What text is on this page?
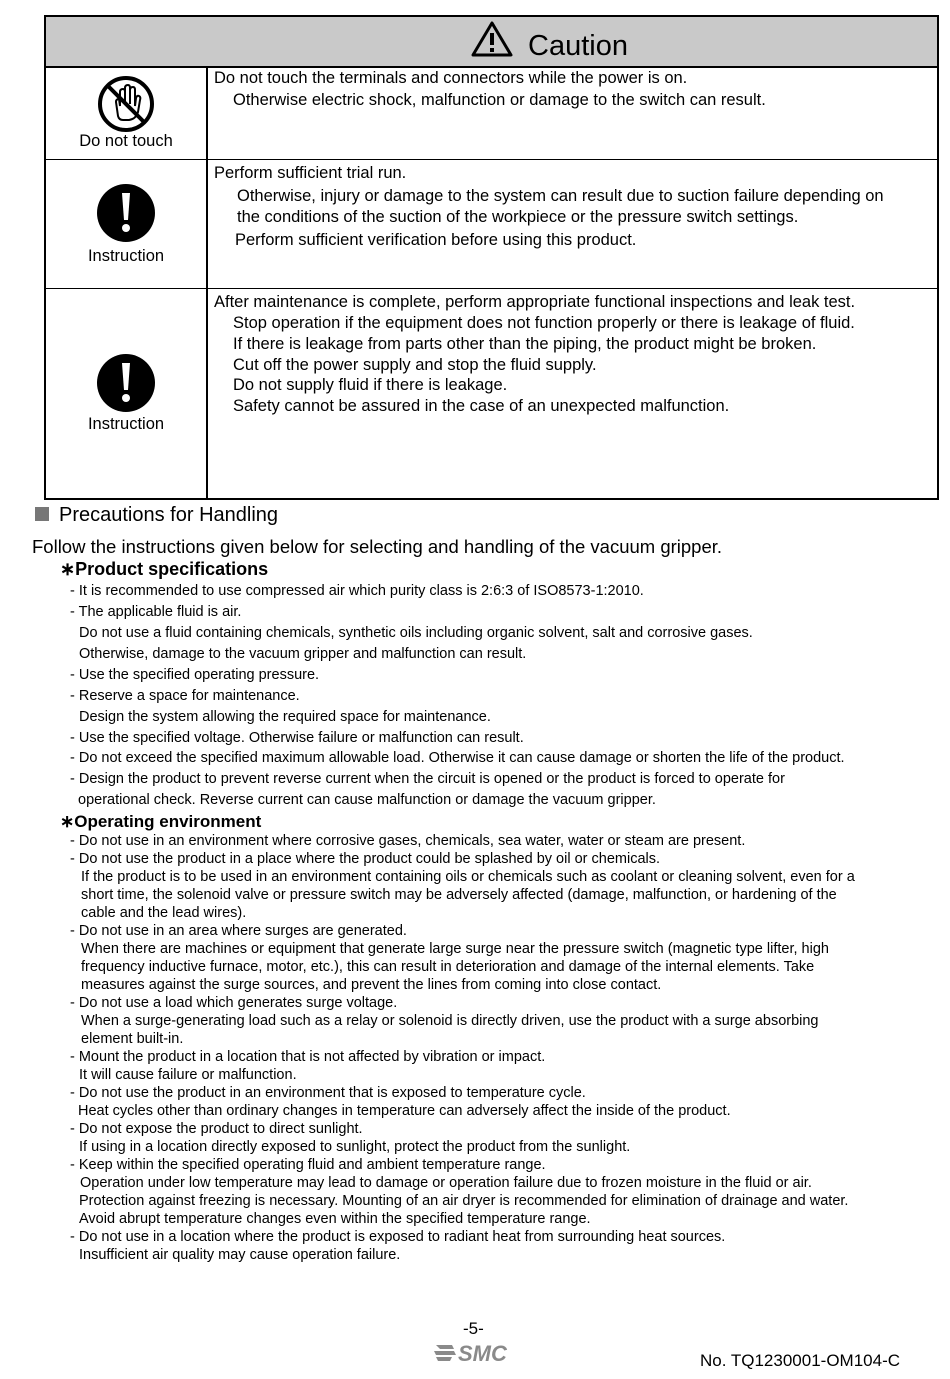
Caution
Do not touch
Do not touch the terminals and connectors while the power is on.
Otherwise electric shock, malfunction or damage to the switch can result.
Instruction
Perform sufficient trial run.
Otherwise, injury or damage to the system can result due to suction failure depending on
the conditions of the suction of the workpiece or the pressure switch settings.
Perform sufficient verification before using this product.
Instruction
After maintenance is complete, perform appropriate functional inspections and leak test.
Stop operation if the equipment does not function properly or there is leakage of fluid.
If there is leakage from parts other than the piping, the product might be broken.
Cut off the power supply and stop the fluid supply.
Do not supply fluid if there is leakage.
Safety cannot be assured in the case of an unexpected malfunction.
Precautions for Handling
Follow the instructions given below for selecting and handling of the vacuum gripper.
∗Product specifications
- It is recommended to use compressed air which purity class is 2:6:3 of ISO8573-1:2010.
- The applicable fluid is air.
Do not use a fluid containing chemicals, synthetic oils including organic solvent, salt and corrosive gases.
Otherwise, damage to the vacuum gripper and malfunction can result.
- Use the specified operating pressure.
- Reserve a space for maintenance.
Design the system allowing the required space for maintenance.
- Use the specified voltage. Otherwise failure or malfunction can result.
- Do not exceed the specified maximum allowable load. Otherwise it can cause damage or shorten the life of the product.
- Design the product to prevent reverse current when the circuit is opened or the product is forced to operate for
operational check. Reverse current can cause malfunction or damage the vacuum gripper.
∗Operating environment
- Do not use in an environment where corrosive gases, chemicals, sea water, water or steam are present.
- Do not use the product in a place where the product could be splashed by oil or chemicals.
If the product is to be used in an environment containing oils or chemicals such as coolant or cleaning solvent, even for a
short time, the solenoid valve or pressure switch may be adversely affected (damage, malfunction, or hardening of the
cable and the lead wires).
- Do not use in an area where surges are generated.
When there are machines or equipment that generate large surge near the pressure switch (magnetic type lifter, high
frequency inductive furnace, motor, etc.), this can result in deterioration and damage of the internal elements. Take
measures against the surge sources, and prevent the lines from coming into close contact.
- Do not use a load which generates surge voltage.
When a surge-generating load such as a relay or solenoid is directly driven, use the product with a surge absorbing
element built-in.
- Mount the product in a location that is not affected by vibration or impact.
It will cause failure or malfunction.
- Do not use the product in an environment that is exposed to temperature cycle.
Heat cycles other than ordinary changes in temperature can adversely affect the inside of the product.
- Do not expose the product to direct sunlight.
If using in a location directly exposed to sunlight, protect the product from the sunlight.
- Keep within the specified operating fluid and ambient temperature range.
Operation under low temperature may lead to damage or operation failure due to frozen moisture in the fluid or air.
Protection against freezing is necessary. Mounting of an air dryer is recommended for elimination of drainage and water.
Avoid abrupt temperature changes even within the specified temperature range.
- Do not use in a location where the product is exposed to radiant heat from surrounding heat sources.
Insufficient air quality may cause operation failure.
-5-
SMC	No. TQ1230001-OM104-C
